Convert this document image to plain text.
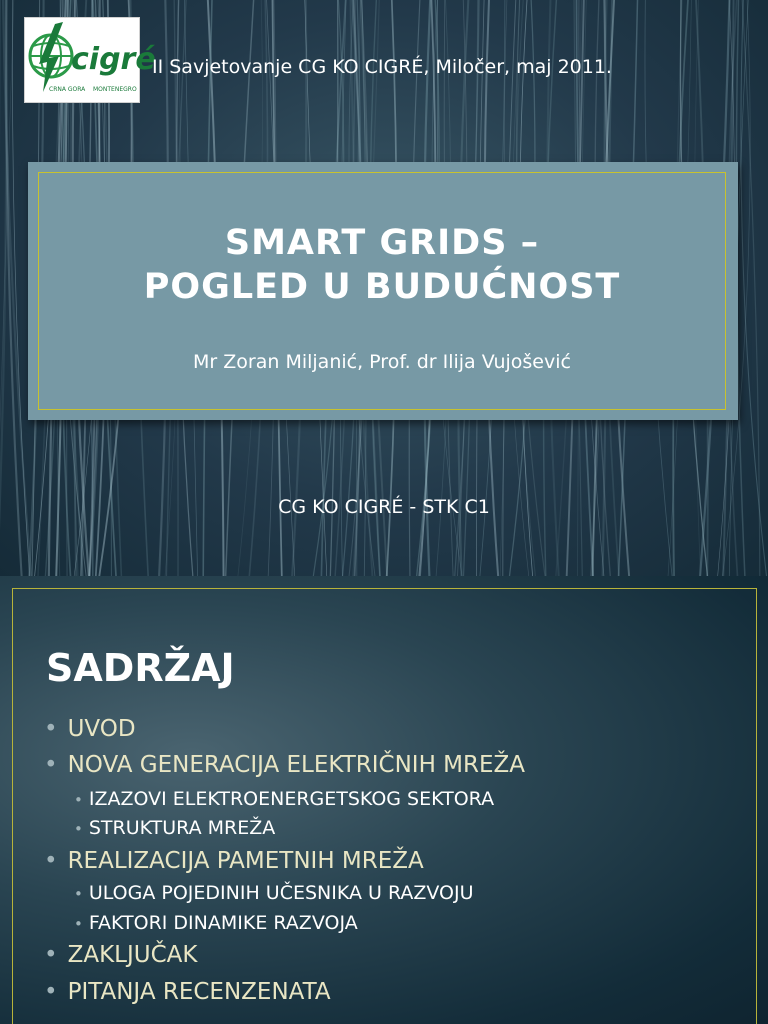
cigré
CRNA GORA MONTENEGRO
II Savjetovanje CG KO CIGRÉ, Miločer, maj 2011.
SMART GRIDS –
POGLED U BUDUĆNOST
Mr Zoran Miljanić, Prof. dr Ilija Vujošević
CG KO CIGRÉ - STK C1
SADRŽAJ
• UVOD
• NOVA GENERACIJA ELEKTRIČNIH MREŽA
• IZAZOVI ELEKTROENERGETSKOG SEKTORA
• STRUKTURA MREŽA
• REALIZACIJA PAMETNIH MREŽA
• ULOGA POJEDINIH UČESNIKA U RAZVOJU
• FAKTORI DINAMIKE RAZVOJA
• ZAKLJUČAK
• PITANJA RECENZENATA
